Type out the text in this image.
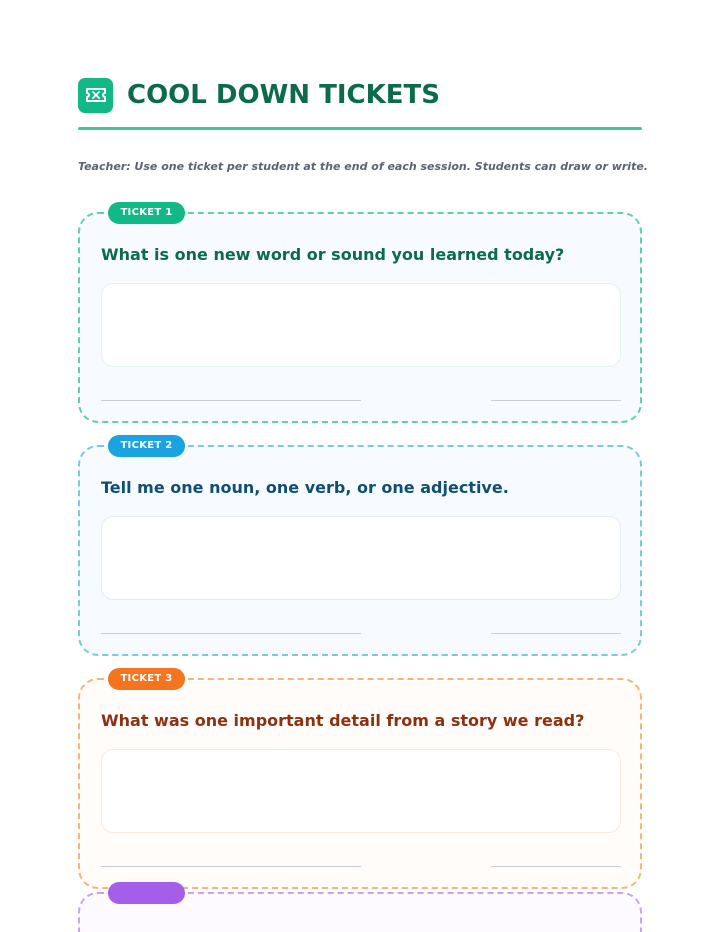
COOL DOWN TICKETS
Teacher: Use one ticket per student at the end of each session. Students can draw or write.
TICKET 1
What is one new word or sound you learned today?
TICKET 2
Tell me one noun, one verb, or one adjective.
TICKET 3
What was one important detail from a story we read?
